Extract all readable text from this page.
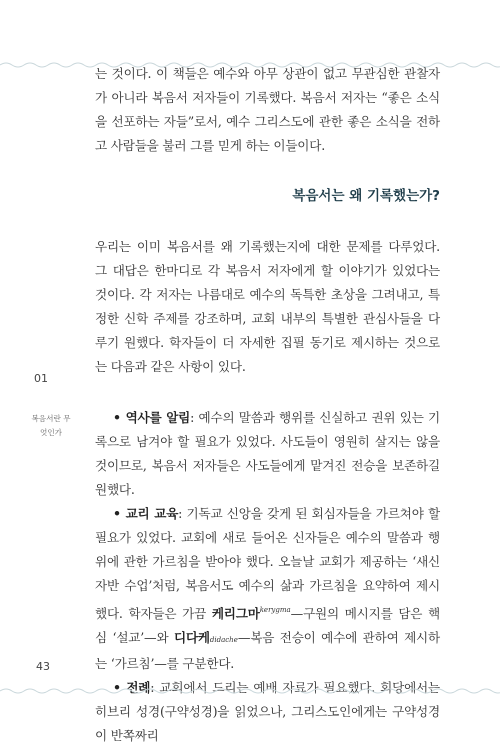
는 것이다. 이 책들은 예수와 아무 상관이 없고 무관심한 관찰자가 아니라 복음서 저자들이 기록했다. 복음서 저자는 “좋은 소식을 선포하는 자들”로서, 예수 그리스도에 관한 좋은 소식을 전하고 사람들을 불러 그를 믿게 하는 이들이다.
복음서는 왜 기록했는가?
우리는 이미 복음서를 왜 기록했는지에 대한 문제를 다루었다. 그 대답은 한마디로 각 복음서 저자에게 할 이야기가 있었다는 것이다. 각 저자는 나름대로 예수의 독특한 초상을 그려내고, 특정한 신학 주제를 강조하며, 교회 내부의 특별한 관심사들을 다루기 원했다. 학자들이 더 자세한 집필 동기로 제시하는 것으로는 다음과 같은 사항이 있다.
01
복음서란 무엇인가
43
• 역사를 알림: 예수의 말씀과 행위를 신실하고 권위 있는 기록으로 남겨야 할 필요가 있었다. 사도들이 영원히 살지는 않을 것이므로, 복음서 저자들은 사도들에게 맡겨진 전승을 보존하길 원했다.
• 교리 교육: 기독교 신앙을 갖게 된 회심자들을 가르쳐야 할 필요가 있었다. 교회에 새로 들어온 신자들은 예수의 말씀과 행위에 관한 가르침을 받아야 했다. 오늘날 교회가 제공하는 ‘새신자반 수업’처럼, 복음서도 예수의 삶과 가르침을 요약하여 제시했다. 학자들은 가끔 케리그마$^{kerygma}$—구원의 메시지를 담은 핵심 ‘설교’—와 디다케didache—복음 전승이 예수에 관하여 제시하는 ‘가르침’—를 구분한다.
• 전례: 교회에서 드리는 예배 자료가 필요했다. 회당에서는 히브리 성경(구약성경)을 읽었으나, 그리스도인에게는 구약성경이 반쪽짜리
